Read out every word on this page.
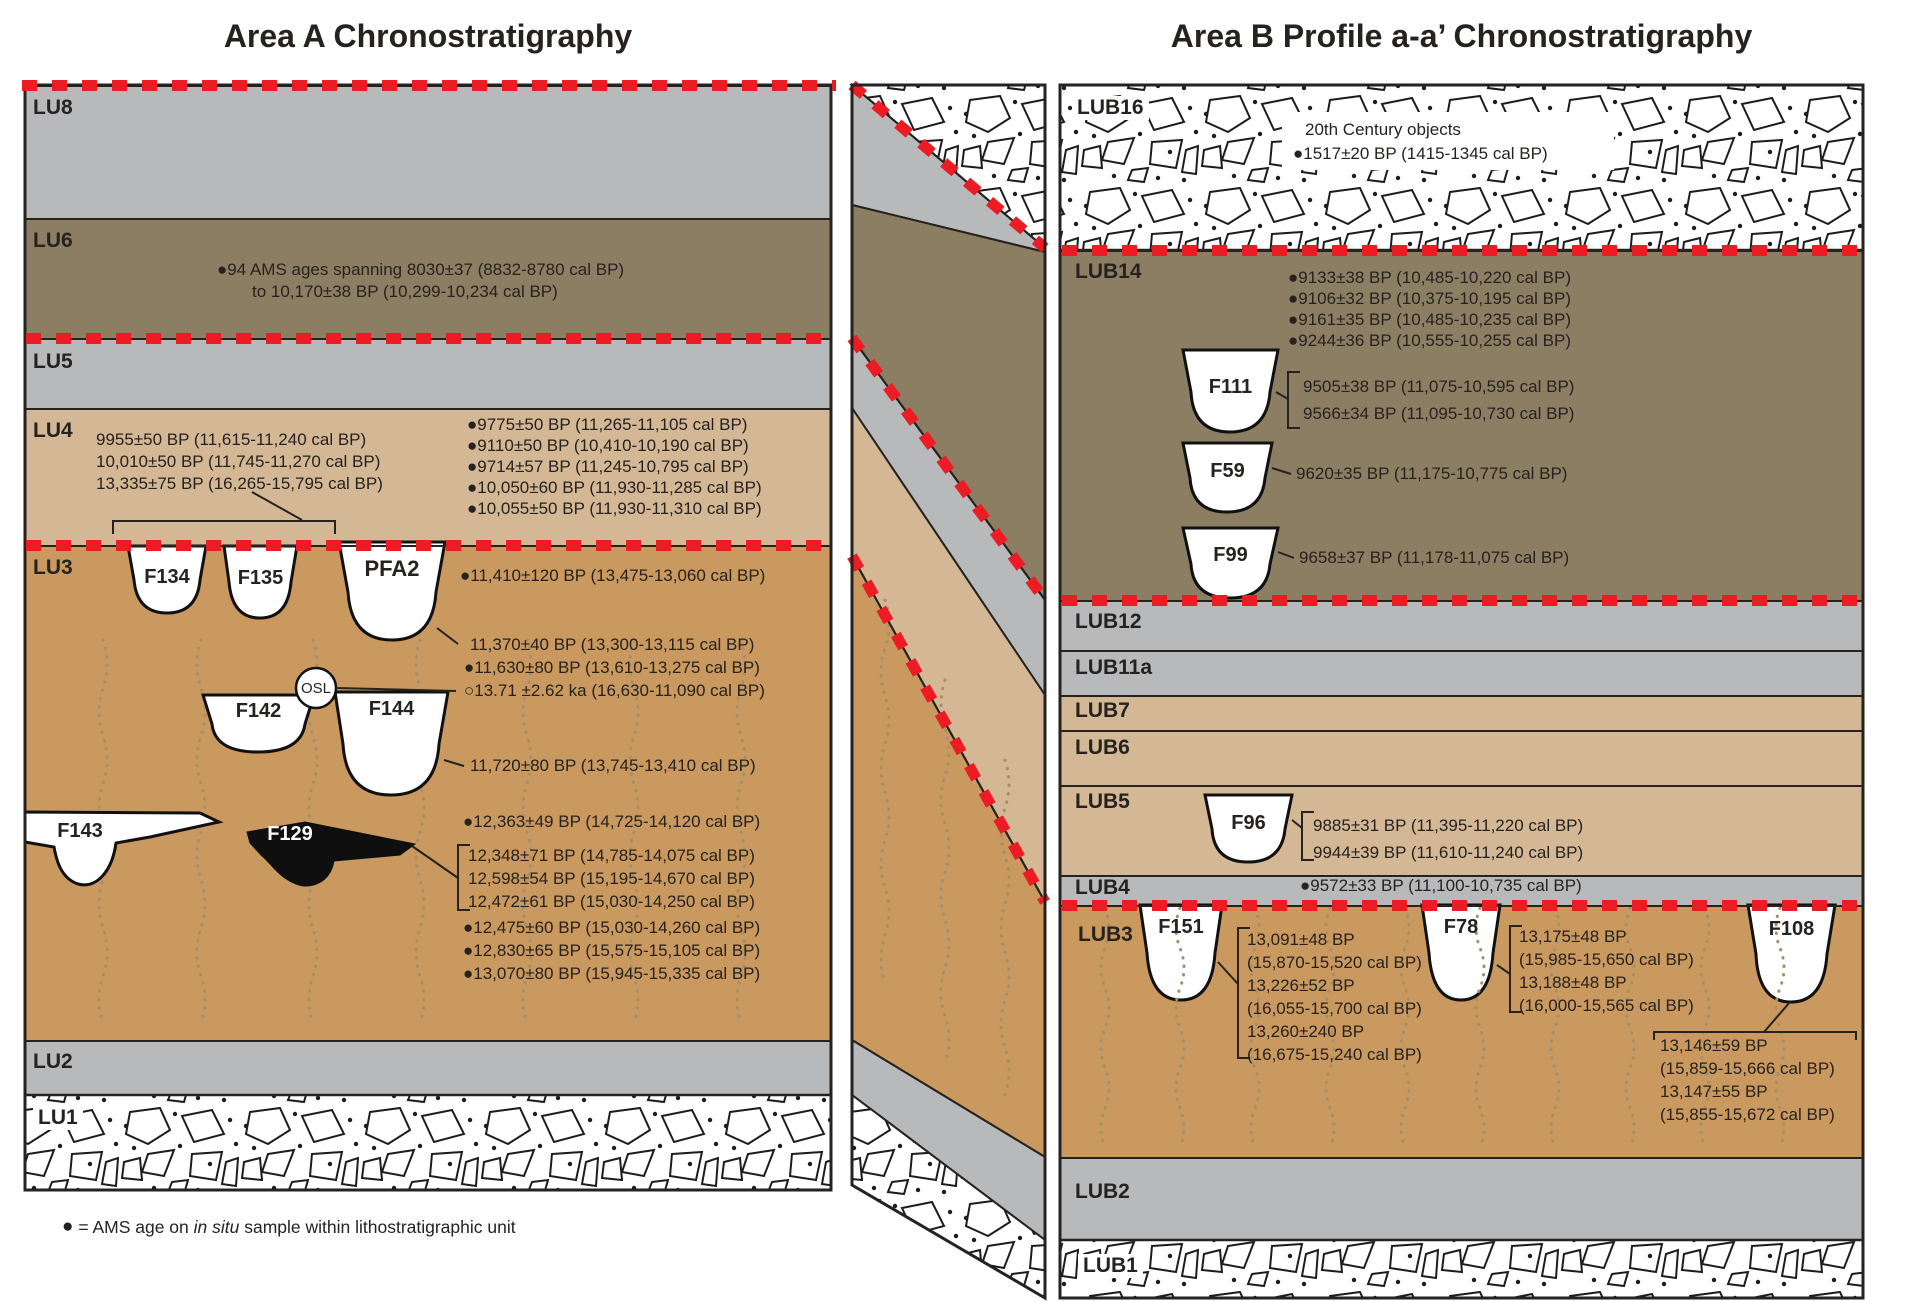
Area A Chronostratigraphy	Area B Profile a-a’ Chronostratigraphy
LU8
LU6
LU5
LU4
LU3
LU2
LU1
●94 AMS ages spanning 8030±37 (8832-8780 cal BP)
to 10,170±38 BP (10,299-10,234 cal BP)
9955±50 BP (11,615-11,240 cal BP)
10,010±50 BP (11,745-11,270 cal BP)
13,335±75 BP (16,265-15,795 cal BP)
●9775±50 BP (11,265-11,105 cal BP)
●9110±50 BP (10,410-10,190 cal BP)
●9714±57 BP (11,245-10,795 cal BP)
●10,050±60 BP (11,930-11,285 cal BP)
●10,055±50 BP (11,930-11,310 cal BP)
●11,410±120 BP (13,475-13,060 cal BP)
11,370±40 BP (13,300-13,115 cal BP)
●11,630±80 BP (13,610-13,275 cal BP)
○13.71 ±2.62 ka (16,630-11,090 cal BP)
11,720±80 BP (13,745-13,410 cal BP)
●12,363±49 BP (14,725-14,120 cal BP)
12,348±71 BP (14,785-14,075 cal BP)
12,598±54 BP (15,195-14,670 cal BP)
12,472±61 BP (15,030-14,250 cal BP)
●12,475±60 BP (15,030-14,260 cal BP)
●12,830±65 BP (15,575-15,105 cal BP)
●13,070±80 BP (15,945-15,335 cal BP)
F134	F135	PFA2
F142	F144
F143	F129
OSL
LUB16
LUB14
LUB12
LUB11a
LUB7
LUB6
LUB5
LUB4
LUB3
LUB2
LUB1
20th Century objects
●1517±20 BP (1415-1345 cal BP)
●9133±38 BP (10,485-10,220 cal BP)
●9106±32 BP (10,375-10,195 cal BP)
●9161±35 BP (10,485-10,235 cal BP)
●9244±36 BP (10,555-10,255 cal BP)
9505±38 BP (11,075-10,595 cal BP)
9566±34 BP (11,095-10,730 cal BP)
9620±35 BP (11,175-10,775 cal BP)
9658±37 BP (11,178-11,075 cal BP)
9885±31 BP (11,395-11,220 cal BP)
9944±39 BP (11,610-11,240 cal BP)
●9572±33 BP (11,100-10,735 cal BP)
13,091±48 BP
(15,870-15,520 cal BP)
13,226±52 BP
(16,055-15,700 cal BP)
13,260±240 BP
(16,675-15,240 cal BP)
13,175±48 BP
(15,985-15,650 cal BP)
13,188±48 BP
(16,000-15,565 cal BP)
13,146±59 BP
(15,859-15,666 cal BP)
13,147±55 BP
(15,855-15,672 cal BP)
F111
F59
F99
F96
F151	F78	F108
● = AMS age on in situ sample within lithostratigraphic unit
